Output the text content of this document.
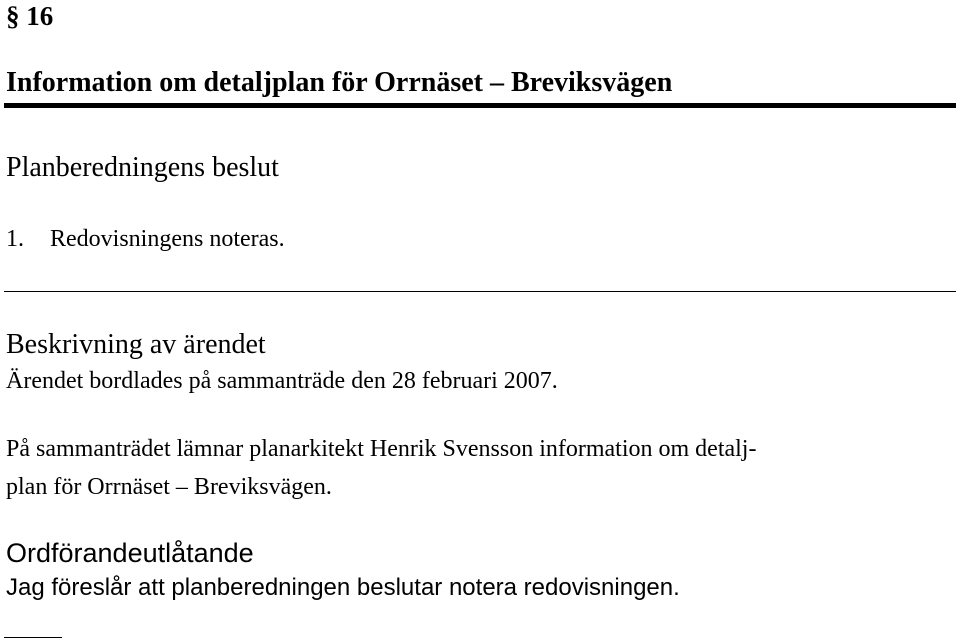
§ 16
Information om detaljplan för Orrnäset – Breviksvägen
Planberedningens beslut
1. Redovisningens noteras.
Beskrivning av ärendet
Ärendet bordlades på sammanträde den 28 februari 2007.
På sammanträdet lämnar planarkitekt Henrik Svensson information om detalj-
plan för Orrnäset – Breviksvägen.
Ordförandeutlåtande
Jag föreslår att planberedningen beslutar notera redovisningen.
